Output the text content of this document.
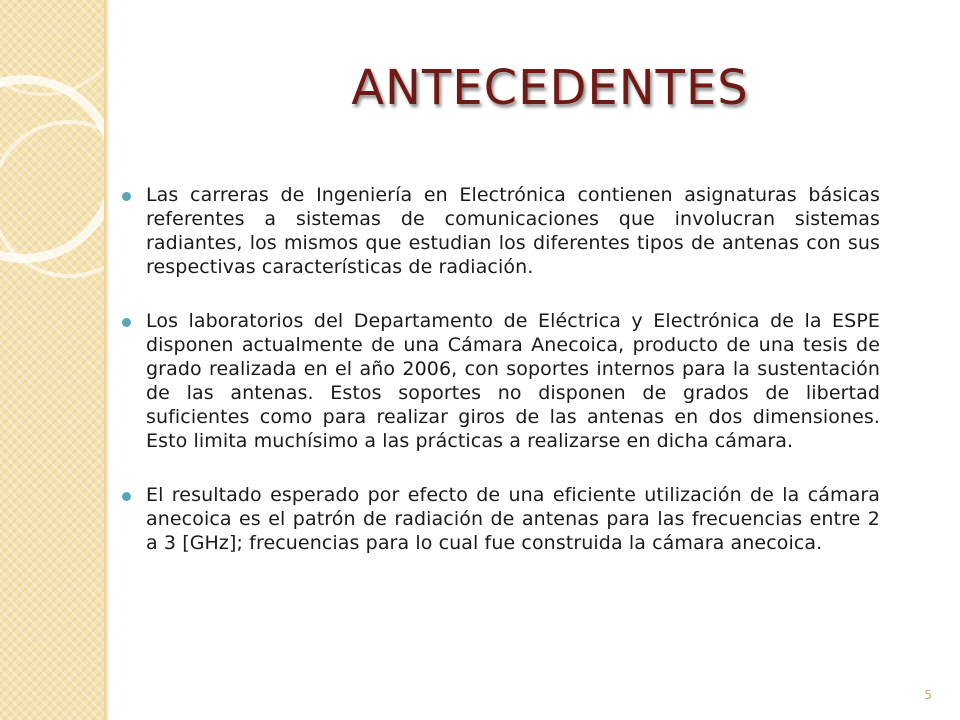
ANTECEDENTES
Las carreras de Ingeniería en Electrónica contienen asignaturas básicas referentes a sistemas de comunicaciones que involucran sistemas radiantes, los mismos que estudian los diferentes tipos de antenas con sus respectivas características de radiación.
Los laboratorios del Departamento de Eléctrica y Electrónica de la ESPE disponen actualmente de una Cámara Anecoica, producto de una tesis de grado realizada en el año 2006, con soportes internos para la sustentación de las antenas. Estos soportes no disponen de grados de libertad suficientes como para realizar giros de las antenas en dos dimensiones. Esto limita muchísimo a las prácticas a realizarse en dicha cámara.
El resultado esperado por efecto de una eficiente utilización de la cámara anecoica es el patrón de radiación de antenas para las frecuencias entre 2 a 3 [GHz]; frecuencias para lo cual fue construida la cámara anecoica.
5
